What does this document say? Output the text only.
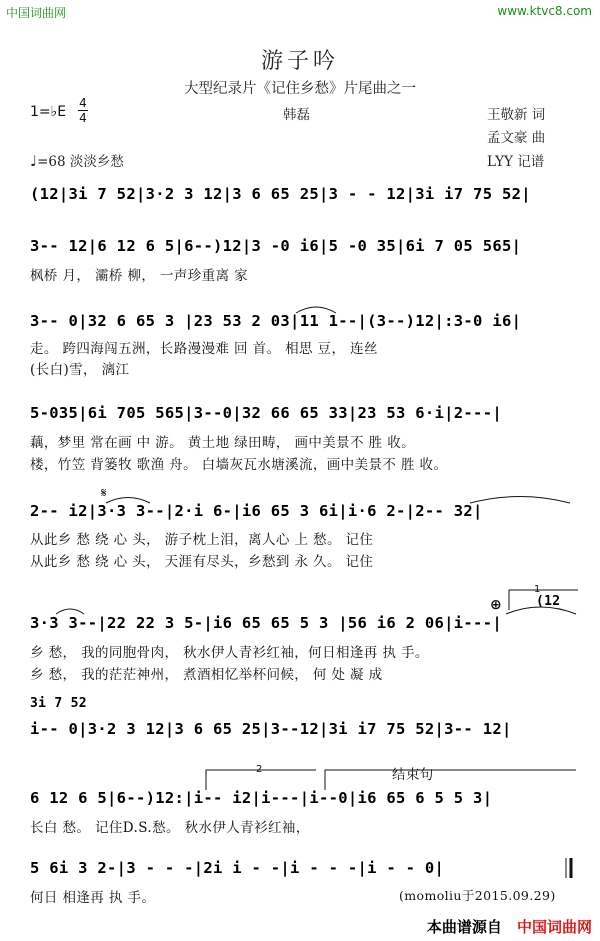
中国词曲网	www.ktvc8.com
游子吟
大型纪录片《记住乡愁》片尾曲之一
1=♭E
4
4	韩磊	王敬新 词
孟文豪 曲
♩=68 淡淡乡愁	LYY 记谱
(12|3i 7 52|3·2 3 12|3 6 65 25|3 - - 12|3i i7 75 52|
3-- 12|6 12 6 5|6--)12|3 -0 i6|5 -0 35|6i 7 05 565|
枫桥 月， 灞桥 柳， 一声珍重离 家
3-- 0|32 6 65 3 |23 53 2 03|11 1--|(3--)12|:3-0 i6|
走。 跨四海闯五洲，长路漫漫难 回 首。 相思 豆， 连丝
(长白)雪， 漓江
5-035|6i 705 565|3--0|32 66 65 33|23 53 6·i|2---|
藕，梦里 常在画 中 游。 黄土地 绿田畴， 画中美景不 胜 收。
楼，竹笠 背篓牧 歌渔 舟。 白墙灰瓦水塘溪流，画中美景不 胜 收。
𝄋
2-- i2|3·3 3--|2·i 6-|i6 65 3 6i|i·6 2-|2-- 32|
从此乡 愁 绕 心 头， 游子枕上泪，离人心 上 愁。 记住
从此乡 愁 绕 心 头， 天涯有尽头，乡愁到 永 久。 记住
1
(12
⊕
3·3 3--|22 22 3 5-|i6 65 65 5 3 |56 i6 2 06|i---|
乡 愁， 我的同胞骨肉， 秋水伊人青衫红袖，何日相逢再 执 手。
乡 愁， 我的茫茫神州， 煮酒相忆举杯问候， 何 处 凝 成
3i 7 52
i-- 0|3·2 3 12|3 6 65 25|3--12|3i i7 75 52|3-- 12|
2	结束句
6 12 6 5|6--)12:|i-- i2|i---|i--0|i6 65 6 5 5 3|
长白 愁。 记住D.S.愁。 秋水伊人青衫红袖，
5 6i 3 2-|3 - - -|2i i - -|i - - -|i - - 0|
何日 相逢再 执 手。	(momoliu于2015.09.29)
本曲谱源自 中国词曲网
